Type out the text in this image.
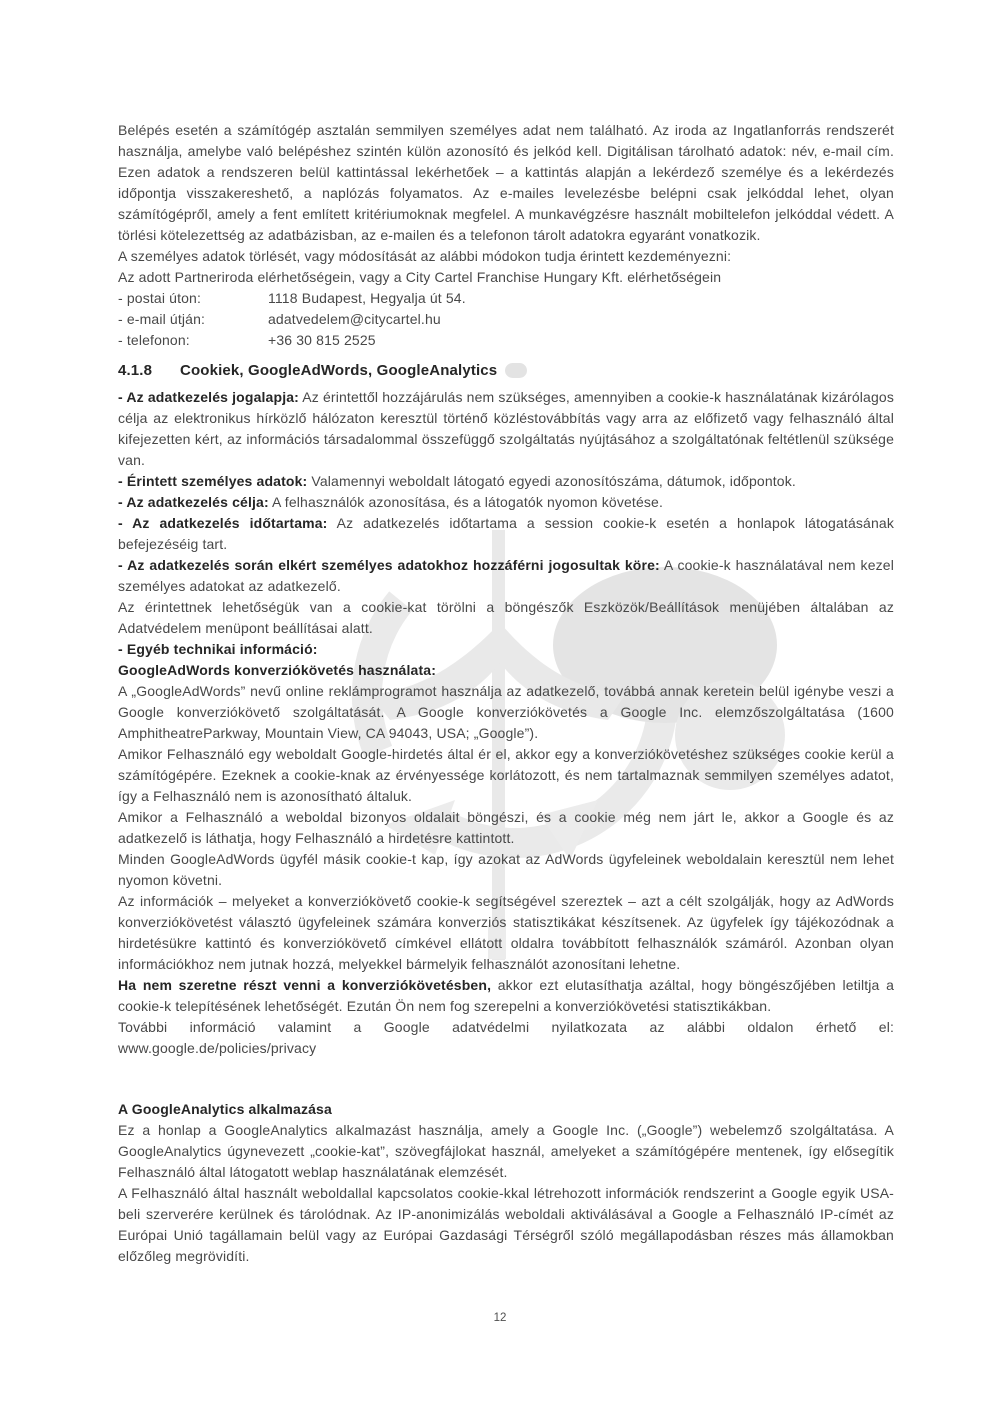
Belépés esetén a számítógép asztalán semmilyen személyes adat nem található. Az iroda az Ingatlanforrás rendszerét használja, amelybe való belépéshez szintén külön azonosító és jelkód kell. Digitálisan tárolható adatok: név, e-mail cím. Ezen adatok a rendszeren belül kattintással lekérhetőek – a kattintás alapján a lekérdező személye és a lekérdezés időpontja visszakereshető, a naplózás folyamatos. Az e-mailes levelezésbe belépni csak jelkóddal lehet, olyan számítógépről, amely a fent említett kritériumoknak megfelel. A munkavégzésre használt mobiltelefon jelkóddal védett. A törlési kötelezettség az adatbázisban, az e-mailen és a telefonon tárolt adatokra egyaránt vonatkozik.

A személyes adatok törlését, vagy módosítását az alábbi módokon tudja érintett kezdeményezni:

Az adott Partneriroda elérhetőségein, vagy a City Cartel Franchise Hungary Kft. elérhetőségein

- postai úton:	1118 Budapest, Hegyalja út 54.

- e-mail útján:	adatvedelem@citycartel.hu

- telefonon:	+36 30 815 2525

4.1.8	Cookiek, GoogleAdWords, GoogleAnalytics

- Az adatkezelés jogalapja: Az érintettől hozzájárulás nem szükséges, amennyiben a cookie-k használatának kizárólagos célja az elektronikus hírközlő hálózaton keresztül történő közléstovábbítás vagy arra az előfizető vagy felhasználó által kifejezetten kért, az információs társadalommal összefüggő szolgáltatás nyújtásához a szolgáltatónak feltétlenül szüksége van.

- Érintett személyes adatok: Valamennyi weboldalt látogató egyedi azonosítószáma, dátumok, időpontok.

- Az adatkezelés célja: A felhasználók azonosítása, és a látogatók nyomon követése.

- Az adatkezelés időtartama: Az adatkezelés időtartama a session cookie-k esetén a honlapok látogatásának befejezéséig tart.

- Az adatkezelés során elkért személyes adatokhoz hozzáférni jogosultak köre: A cookie-k használatával nem kezel személyes adatokat az adatkezelő.

Az érintettnek lehetőségük van a cookie-kat törölni a böngészők Eszközök/Beállítások menüjében általában az Adatvédelem menüpont beállításai alatt.

- Egyéb technikai információ:

GoogleAdWords konverziókövetés használata:

A „GoogleAdWords” nevű online reklámprogramot használja az adatkezelő, továbbá annak keretein belül igénybe veszi a Google konverziókövető szolgáltatását. A Google konverziókövetés a Google Inc. elemzőszolgáltatása (1600 AmphitheatreParkway, Mountain View, CA 94043, USA; „Google”).

Amikor Felhasználó egy weboldalt Google-hirdetés által ér el, akkor egy a konverziókövetéshez szükséges cookie kerül a számítógépére. Ezeknek a cookie-knak az érvényessége korlátozott, és nem tartalmaznak semmilyen személyes adatot, így a Felhasználó nem is azonosítható általuk.

Amikor a Felhasználó a weboldal bizonyos oldalait böngészi, és a cookie még nem járt le, akkor a Google és az adatkezelő is láthatja, hogy Felhasználó a hirdetésre kattintott.

Minden GoogleAdWords ügyfél másik cookie-t kap, így azokat az AdWords ügyfeleinek weboldalain keresztül nem lehet nyomon követni.

Az információk – melyeket a konverziókövető cookie-k segítségével szereztek – azt a célt szolgálják, hogy az AdWords konverziókövetést választó ügyfeleinek számára konverziós statisztikákat készítsenek. Az ügyfelek így tájékozódnak a hirdetésükre kattintó és konverziókövető címkével ellátott oldalra továbbított felhasználók számáról. Azonban olyan információkhoz nem jutnak hozzá, melyekkel bármelyik felhasználót azonosítani lehetne.

Ha nem szeretne részt venni a konverziókövetésben, akkor ezt elutasíthatja azáltal, hogy böngészőjében letiltja a cookie-k telepítésének lehetőségét. Ezután Ön nem fog szerepelni a konverziókövetési statisztikákban.

További információ valamint a Google adatvédelmi nyilatkozata az alábbi oldalon érhető el: www.google.de/policies/privacy

A GoogleAnalytics alkalmazása

Ez a honlap a GoogleAnalytics alkalmazást használja, amely a Google Inc. („Google”) webelemző szolgáltatása. A GoogleAnalytics úgynevezett „cookie-kat”, szövegfájlokat használ, amelyeket a számítógépére mentenek, így elősegítik Felhasználó által látogatott weblap használatának elemzését.

A Felhasználó által használt weboldallal kapcsolatos cookie-kkal létrehozott információk rendszerint a Google egyik USA-beli szerverére kerülnek és tárolódnak. Az IP-anonimizálás weboldali aktiválásával a Google a Felhasználó IP-címét az Európai Unió tagállamain belül vagy az Európai Gazdasági Térségről szóló megállapodásban részes más államokban előzőleg megrövidíti.

12
